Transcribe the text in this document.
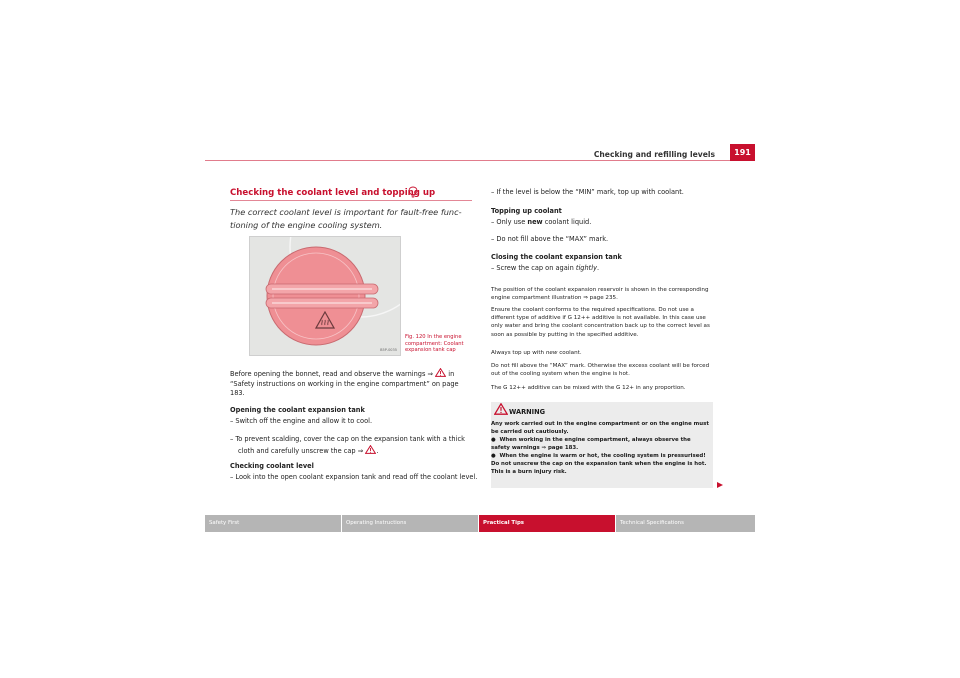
Checking and refilling levels	191
Checking the coolant level and topping up
The correct coolant level is important for fault-free func- tioning of the engine cooling system.
B5P-0035
Fig. 120 In the engine compartment: Coolant expansion tank cap
Before opening the bonnet, read and observe the warnings ⇒ in “Safety instructions on working in the engine compartment” on page 183.
Opening the coolant expansion tank
– Switch off the engine and allow it to cool.
– To prevent scalding, cover the cap on the expansion tank with a thick cloth and carefully unscrew the cap ⇒ .
Checking coolant level
– Look into the open coolant expansion tank and read off the coolant level.
– If the level is below the “MIN” mark, top up with coolant.
Topping up coolant
– Only use new coolant liquid.
– Do not fill above the “MAX” mark.
Closing the coolant expansion tank
– Screw the cap on again tightly.
The position of the coolant expansion reservoir is shown in the corresponding engine compartment illustration ⇒ page 235.
Ensure the coolant conforms to the required specifications. Do not use a different type of additive if G 12++ additive is not available. In this case use only water and bring the coolant concentration back up to the correct level as soon as possible by putting in the specified additive.
Always top up with new coolant.
Do not fill above the “MAX” mark. Otherwise the excess coolant will be forced out of the cooling system when the engine is hot.
The G 12++ additive can be mixed with the G 12+ in any proportion.
WARNING
Any work carried out in the engine compartment or on the engine must be carried out cautiously.
● When working in the engine compartment, always observe the safety warnings ⇒ page 183.
● When the engine is warm or hot, the cooling system is pressurised! Do not unscrew the cap on the expansion tank when the engine is hot. This is a burn injury risk.
Safety First	Operating Instructions	Practical Tips	Technical Specifications
